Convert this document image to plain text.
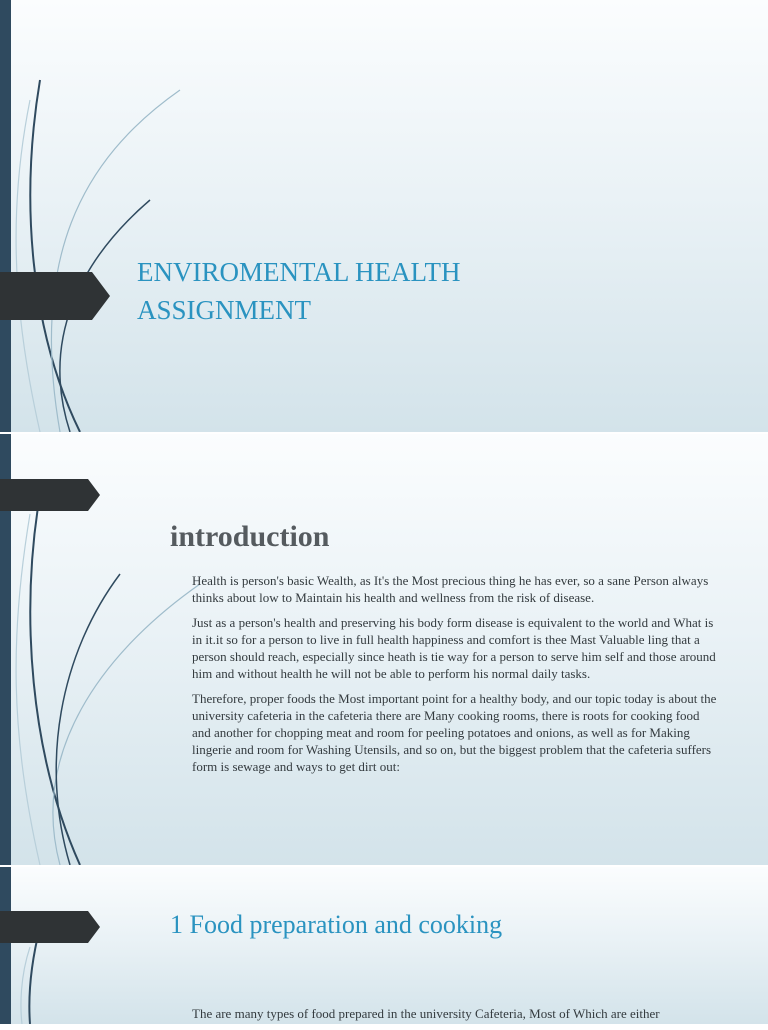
ENVIROMENTAL HEALTH
ASSIGNMENT
introduction
Health is person's basic Wealth, as It's the Most precious thing he has ever, so a sane Person always thinks about low to Maintain his health and wellness from the risk of disease.
Just as a person's health and preserving his body form disease is equivalent to the world and What is in it.it so for a person to live in full health happiness and comfort is thee Mast Valuable ling that a person should reach, especially since heath is tie way for a person to serve him self and those around him and without health he will not be able to perform his normal daily tasks.
Therefore, proper foods the Most important point for a healthy body, and our topic today is about the university cafeteria in the cafeteria there are Many cooking rooms, there is roots for cooking food and another for chopping meat and room for peeling potatoes and onions, as well as for Making lingerie and room for Washing Utensils, and so on, but the biggest problem that the cafeteria suffers form is sewage and ways to get dirt out:
1 Food preparation and cooking
The are many types of food prepared in the university Cafeteria, Most of Which are either
